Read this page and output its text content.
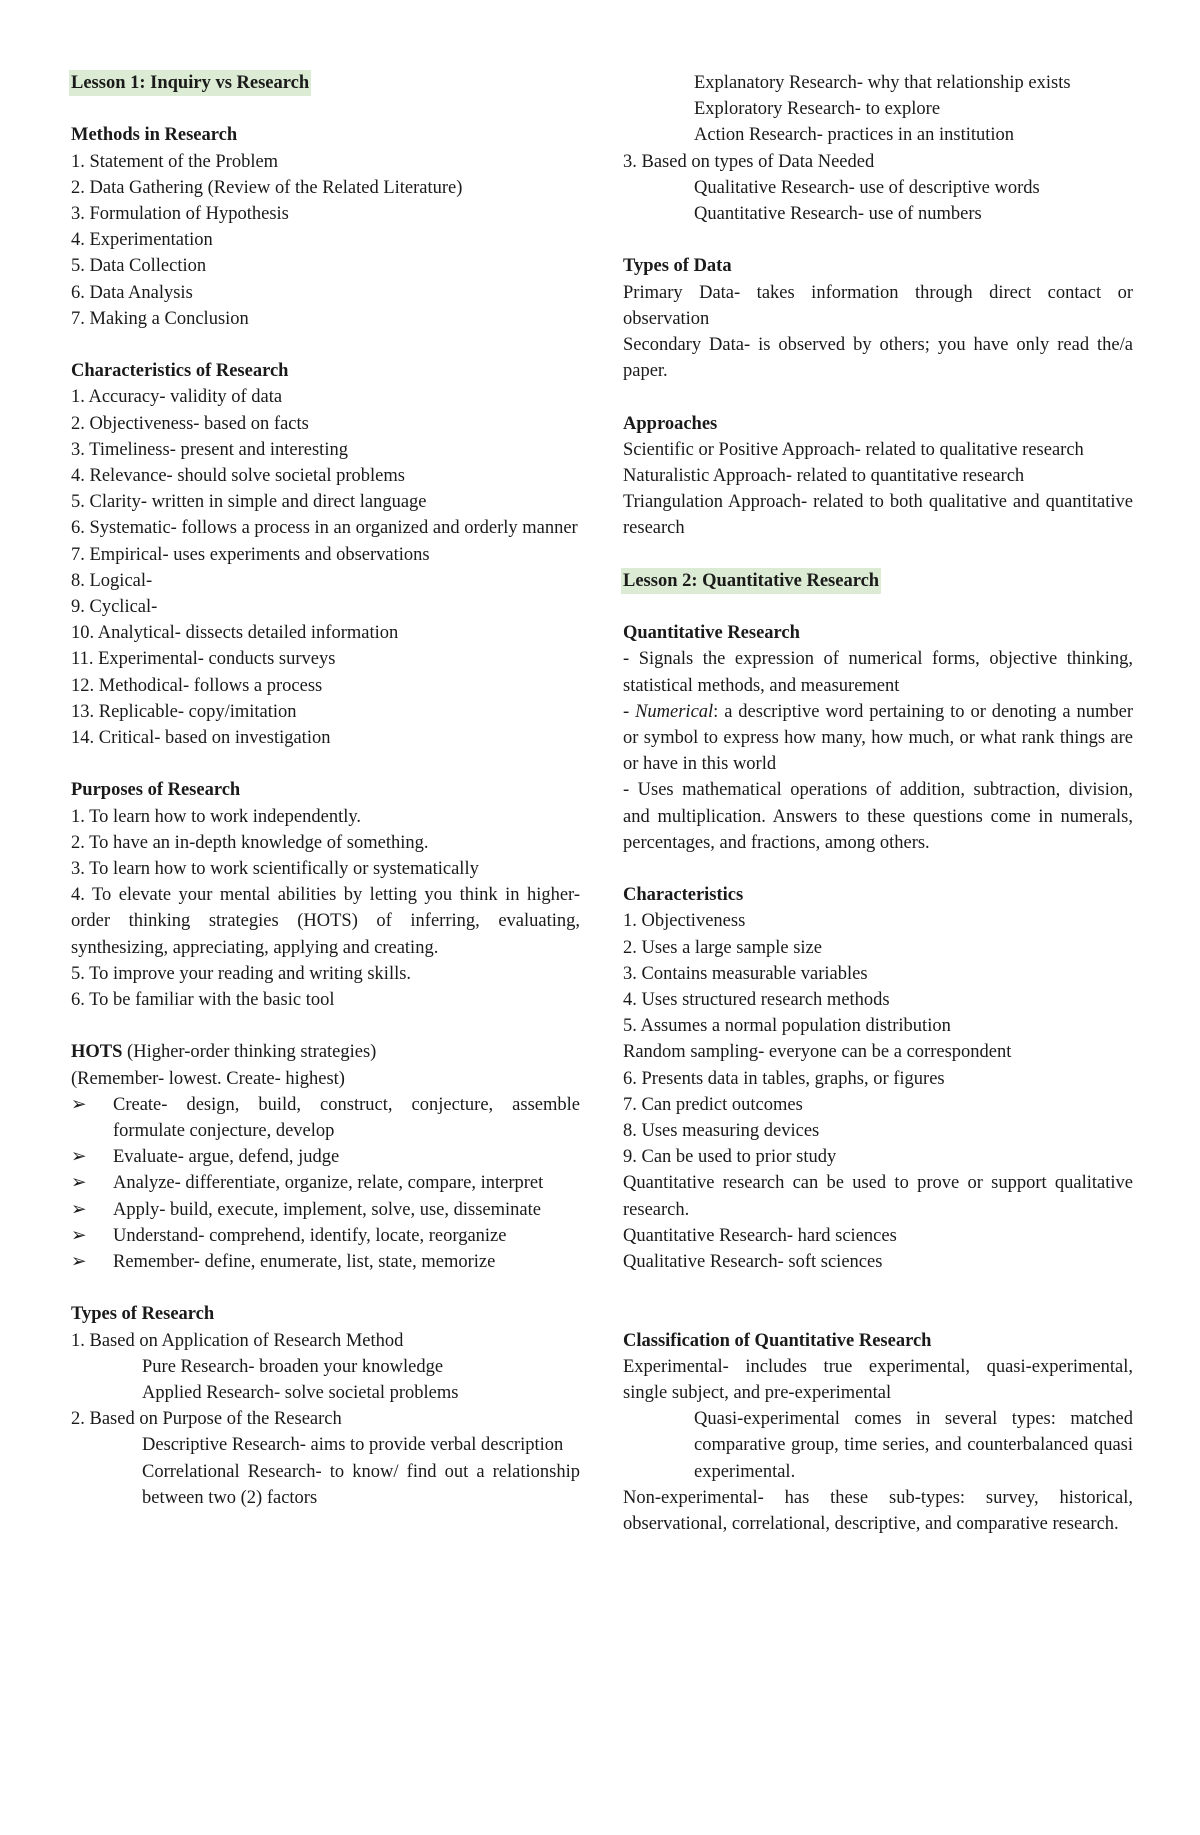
Lesson 1: Inquiry vs Research
Methods in Research
1. Statement of the Problem
2. Data Gathering (Review of the Related Literature)
3. Formulation of Hypothesis
4. Experimentation
5. Data Collection
6. Data Analysis
7. Making a Conclusion
Characteristics of Research
1. Accuracy- validity of data
2. Objectiveness- based on facts
3. Timeliness- present and interesting
4. Relevance- should solve societal problems
5. Clarity- written in simple and direct language
6. Systematic- follows a process in an organized and orderly manner
7. Empirical- uses experiments and observations
8. Logical-
9. Cyclical-
10. Analytical- dissects detailed information
11. Experimental- conducts surveys
12. Methodical- follows a process
13. Replicable- copy/imitation
14. Critical- based on investigation
Purposes of Research
1. To learn how to work independently.
2. To have an in-depth knowledge of something.
3. To learn how to work scientifically or systematically
4. To elevate your mental abilities by letting you think in higher-order thinking strategies (HOTS) of inferring, evaluating, synthesizing, appreciating, applying and creating.
5. To improve your reading and writing skills.
6. To be familiar with the basic tool
HOTS (Higher-order thinking strategies)
(Remember- lowest. Create- highest)
➢	Create- design, build, construct, conjecture, assemble formulate conjecture, develop
➢	Evaluate- argue, defend, judge
➢	Analyze- differentiate, organize, relate, compare, interpret
➢	Apply- build, execute, implement, solve, use, disseminate
➢	Understand- comprehend, identify, locate, reorganize
➢	Remember- define, enumerate, list, state, memorize
Types of Research
1. Based on Application of Research Method
Pure Research- broaden your knowledge
Applied Research- solve societal problems
2. Based on Purpose of the Research
Descriptive Research- aims to provide verbal description
Correlational Research- to know/ find out a relationship between two (2) factors
Explanatory Research- why that relationship exists
Exploratory Research- to explore
Action Research- practices in an institution
3. Based on types of Data Needed
Qualitative Research- use of descriptive words
Quantitative Research- use of numbers
Types of Data
Primary Data- takes information through direct contact or observation
Secondary Data- is observed by others; you have only read the/a paper.
Approaches
Scientific or Positive Approach- related to qualitative research
Naturalistic Approach- related to quantitative research
Triangulation Approach- related to both qualitative and quantitative research
Lesson 2: Quantitative Research
Quantitative Research
- Signals the expression of numerical forms, objective thinking, statistical methods, and measurement
- Numerical: a descriptive word pertaining to or denoting a number or symbol to express how many, how much, or what rank things are or have in this world
- Uses mathematical operations of addition, subtraction, division, and multiplication. Answers to these questions come in numerals, percentages, and fractions, among others.
Characteristics
1. Objectiveness
2. Uses a large sample size
3. Contains measurable variables
4. Uses structured research methods
5. Assumes a normal population distribution
Random sampling- everyone can be a correspondent
6. Presents data in tables, graphs, or figures
7. Can predict outcomes
8. Uses measuring devices
9. Can be used to prior study
Quantitative research can be used to prove or support qualitative research.
Quantitative Research- hard sciences
Qualitative Research- soft sciences
Classification of Quantitative Research
Experimental- includes true experimental, quasi-experimental, single subject, and pre-experimental
Quasi-experimental comes in several types: matched comparative group, time series, and counterbalanced quasi experimental.
Non-experimental- has these sub-types: survey, historical, observational, correlational, descriptive, and comparative research.
